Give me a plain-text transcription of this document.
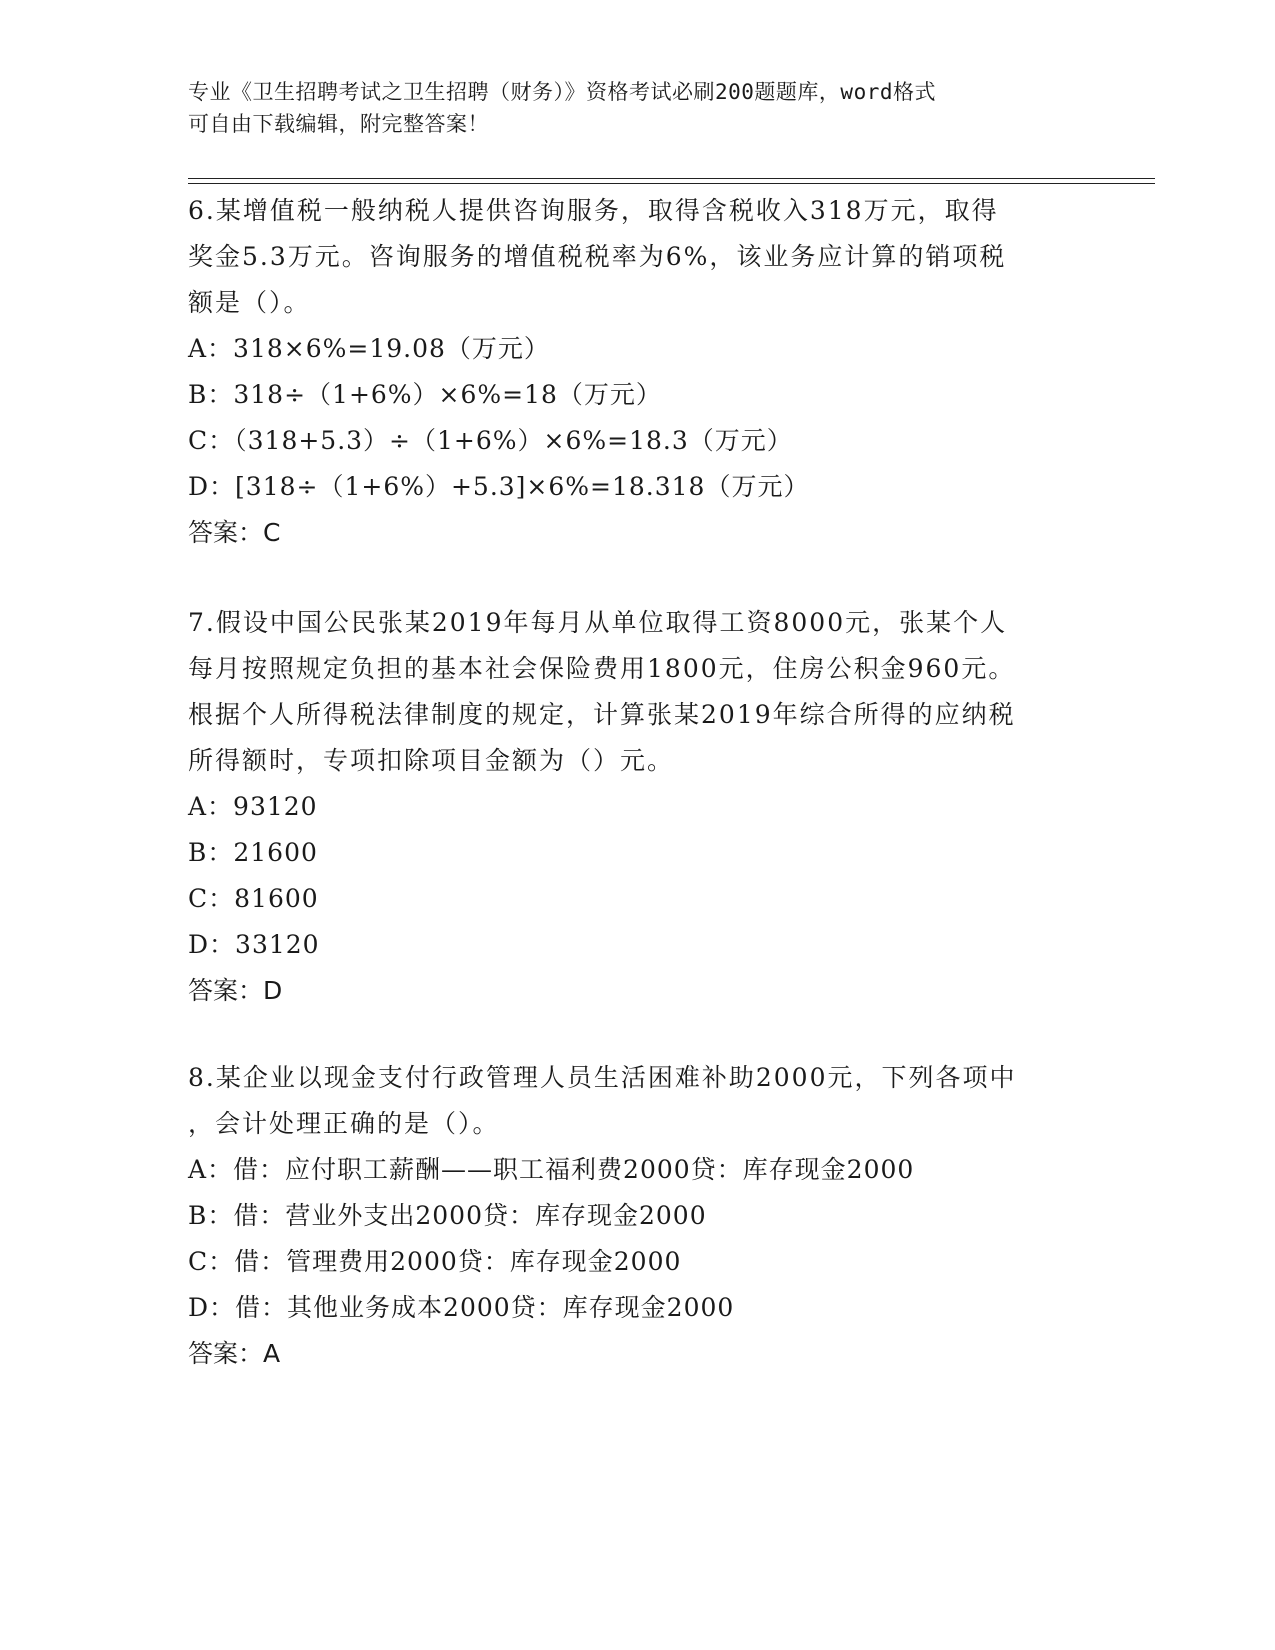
专业《卫生招聘考试之卫生招聘（财务）》资格考试必刷200题题库，word格式
可自由下载编辑，附完整答案！
6.某增值税一般纳税人提供咨询服务，取得含税收入318万元，取得
奖金5.3万元。咨询服务的增值税税率为6%，该业务应计算的销项税
额是（）。
A：318×6%=19.08（万元）
B：318÷（1+6%）×6%=18（万元）
C：（318+5.3）÷（1+6%）×6%=18.3（万元）
D：[318÷（1+6%）+5.3]×6%=18.318（万元）
答案：C
7.假设中国公民张某2019年每月从单位取得工资8000元，张某个人
每月按照规定负担的基本社会保险费用1800元，住房公积金960元。
根据个人所得税法律制度的规定，计算张某2019年综合所得的应纳税
所得额时，专项扣除项目金额为（）元。
A：93120
B：21600
C：81600
D：33120
答案：D
8.某企业以现金支付行政管理人员生活困难补助2000元，下列各项中
，会计处理正确的是（）。
A：借：应付职工薪酬——职工福利费2000贷：库存现金2000
B：借：营业外支出2000贷：库存现金2000
C：借：管理费用2000贷：库存现金2000
D：借：其他业务成本2000贷：库存现金2000
答案：A
